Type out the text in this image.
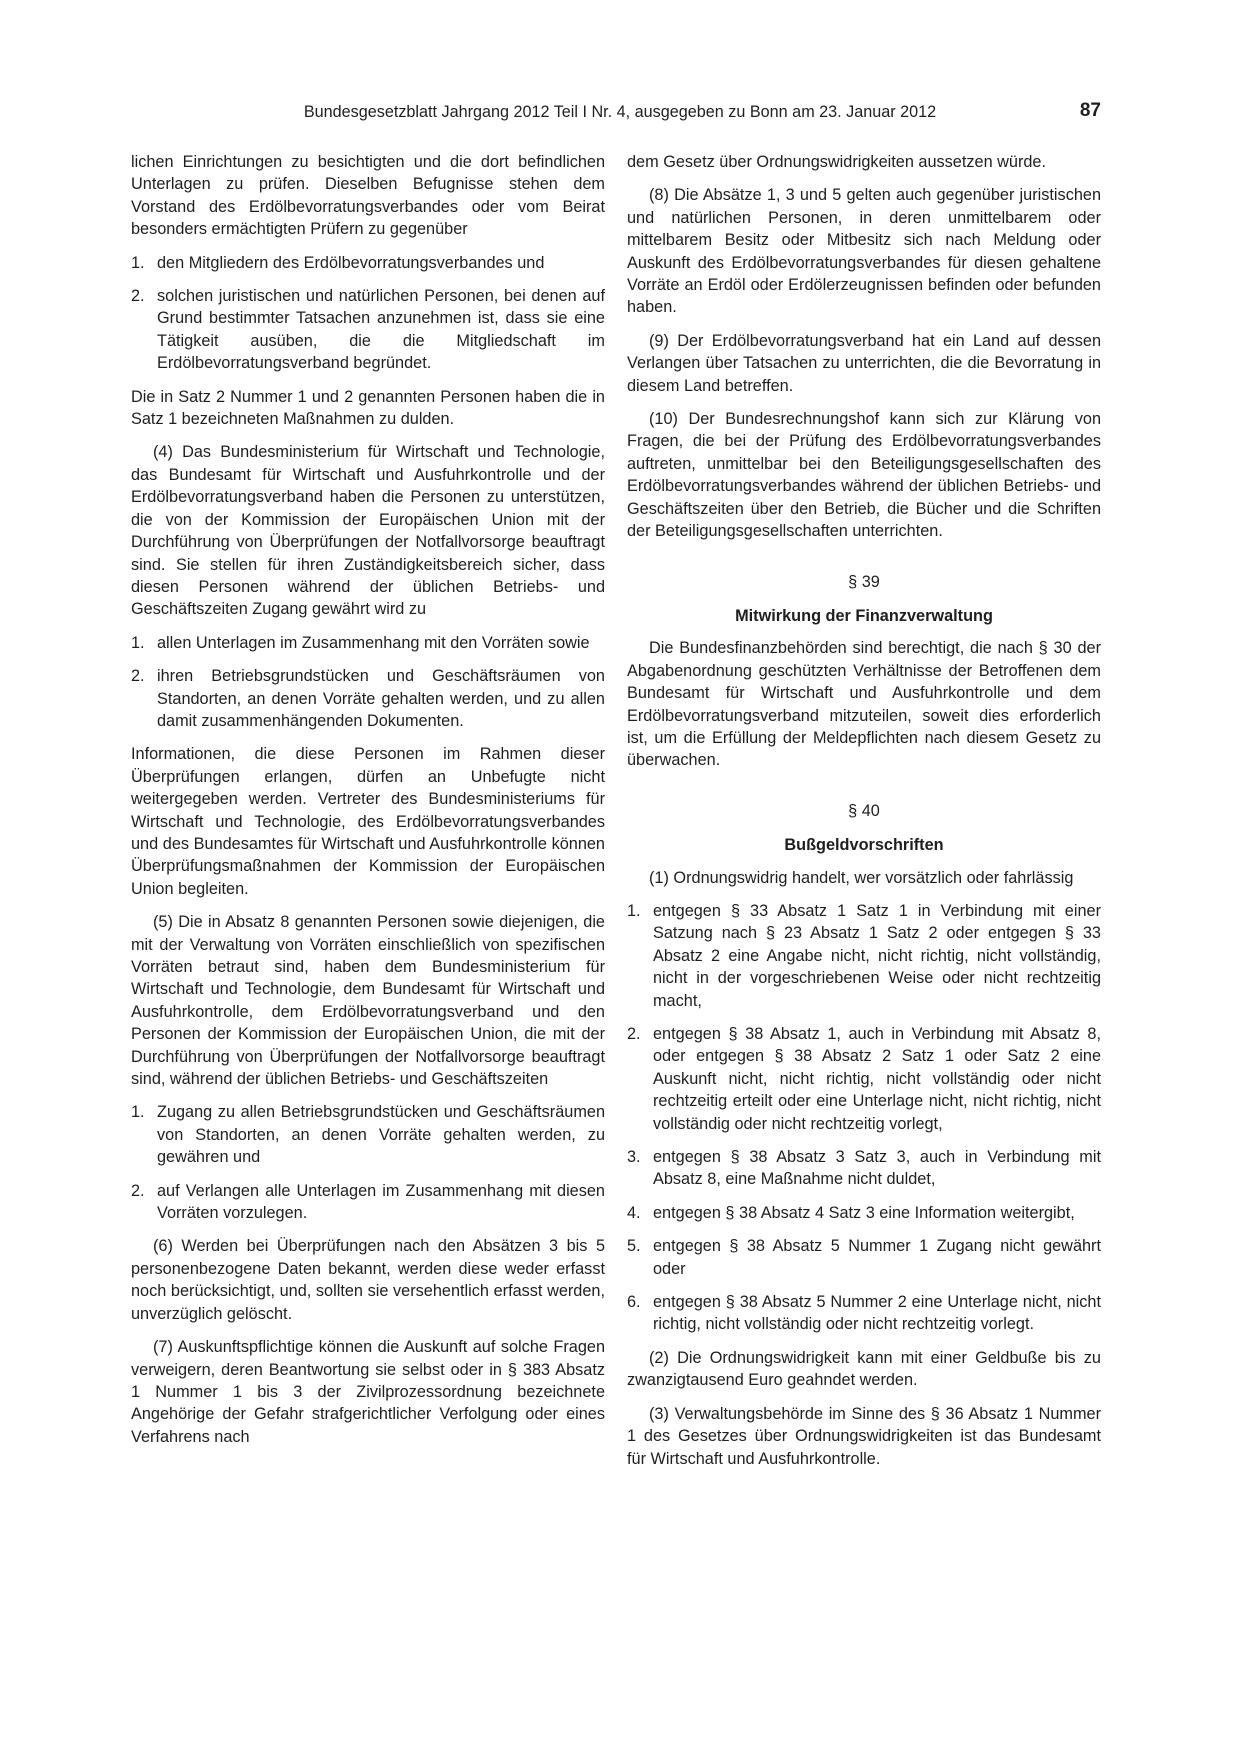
Bundesgesetzblatt Jahrgang 2012 Teil I Nr. 4, ausgegeben zu Bonn am 23. Januar 2012	87

lichen Einrichtungen zu besichtigten und die dort befindlichen Unterlagen zu prüfen. Dieselben Befugnisse stehen dem Vorstand des Erdölbevorratungsverbandes oder vom Beirat besonders ermächtigten Prüfern zu gegenüber

1. den Mitgliedern des Erdölbevorratungsverbandes und
2. solchen juristischen und natürlichen Personen, bei denen auf Grund bestimmter Tatsachen anzunehmen ist, dass sie eine Tätigkeit ausüben, die die Mitgliedschaft im Erdölbevorratungsverband begründet.

Die in Satz 2 Nummer 1 und 2 genannten Personen haben die in Satz 1 bezeichneten Maßnahmen zu dulden.

(4) Das Bundesministerium für Wirtschaft und Technologie, das Bundesamt für Wirtschaft und Ausfuhrkontrolle und der Erdölbevorratungsverband haben die Personen zu unterstützen, die von der Kommission der Europäischen Union mit der Durchführung von Überprüfungen der Notfallvorsorge beauftragt sind. Sie stellen für ihren Zuständigkeitsbereich sicher, dass diesen Personen während der üblichen Betriebs- und Geschäftszeiten Zugang gewährt wird zu

1. allen Unterlagen im Zusammenhang mit den Vorräten sowie
2. ihren Betriebsgrundstücken und Geschäftsräumen von Standorten, an denen Vorräte gehalten werden, und zu allen damit zusammenhängenden Dokumenten.

Informationen, die diese Personen im Rahmen dieser Überprüfungen erlangen, dürfen an Unbefugte nicht weitergegeben werden. Vertreter des Bundesministeriums für Wirtschaft und Technologie, des Erdölbevorratungsverbandes und des Bundesamtes für Wirtschaft und Ausfuhrkontrolle können Überprüfungsmaßnahmen der Kommission der Europäischen Union begleiten.

(5) Die in Absatz 8 genannten Personen sowie diejenigen, die mit der Verwaltung von Vorräten einschließlich von spezifischen Vorräten betraut sind, haben dem Bundesministerium für Wirtschaft und Technologie, dem Bundesamt für Wirtschaft und Ausfuhrkontrolle, dem Erdölbevorratungsverband und den Personen der Kommission der Europäischen Union, die mit der Durchführung von Überprüfungen der Notfallvorsorge beauftragt sind, während der üblichen Betriebs- und Geschäftszeiten

1. Zugang zu allen Betriebsgrundstücken und Geschäftsräumen von Standorten, an denen Vorräte gehalten werden, zu gewähren und
2. auf Verlangen alle Unterlagen im Zusammenhang mit diesen Vorräten vorzulegen.

(6) Werden bei Überprüfungen nach den Absätzen 3 bis 5 personenbezogene Daten bekannt, werden diese weder erfasst noch berücksichtigt, und, sollten sie versehentlich erfasst werden, unverzüglich gelöscht.

(7) Auskunftspflichtige können die Auskunft auf solche Fragen verweigern, deren Beantwortung sie selbst oder in § 383 Absatz 1 Nummer 1 bis 3 der Zivilprozessordnung bezeichnete Angehörige der Gefahr strafgerichtlicher Verfolgung oder eines Verfahrens nach

dem Gesetz über Ordnungswidrigkeiten aussetzen würde.

(8) Die Absätze 1, 3 und 5 gelten auch gegenüber juristischen und natürlichen Personen, in deren unmittelbarem oder mittelbarem Besitz oder Mitbesitz sich nach Meldung oder Auskunft des Erdölbevorratungsverbandes für diesen gehaltene Vorräte an Erdöl oder Erdölerzeugnissen befinden oder befunden haben.

(9) Der Erdölbevorratungsverband hat ein Land auf dessen Verlangen über Tatsachen zu unterrichten, die die Bevorratung in diesem Land betreffen.

(10) Der Bundesrechnungshof kann sich zur Klärung von Fragen, die bei der Prüfung des Erdölbevorratungsverbandes auftreten, unmittelbar bei den Beteiligungsgesellschaften des Erdölbevorratungsverbandes während der üblichen Betriebs- und Geschäftszeiten über den Betrieb, die Bücher und die Schriften der Beteiligungsgesellschaften unterrichten.

§ 39
Mitwirkung der Finanzverwaltung

Die Bundesfinanzbehörden sind berechtigt, die nach § 30 der Abgabenordnung geschützten Verhältnisse der Betroffenen dem Bundesamt für Wirtschaft und Ausfuhrkontrolle und dem Erdölbevorratungsverband mitzuteilen, soweit dies erforderlich ist, um die Erfüllung der Meldepflichten nach diesem Gesetz zu überwachen.

§ 40
Bußgeldvorschriften

(1) Ordnungswidrig handelt, wer vorsätzlich oder fahrlässig

1. entgegen § 33 Absatz 1 Satz 1 in Verbindung mit einer Satzung nach § 23 Absatz 1 Satz 2 oder entgegen § 33 Absatz 2 eine Angabe nicht, nicht richtig, nicht vollständig, nicht in der vorgeschriebenen Weise oder nicht rechtzeitig macht,
2. entgegen § 38 Absatz 1, auch in Verbindung mit Absatz 8, oder entgegen § 38 Absatz 2 Satz 1 oder Satz 2 eine Auskunft nicht, nicht richtig, nicht vollständig oder nicht rechtzeitig erteilt oder eine Unterlage nicht, nicht richtig, nicht vollständig oder nicht rechtzeitig vorlegt,
3. entgegen § 38 Absatz 3 Satz 3, auch in Verbindung mit Absatz 8, eine Maßnahme nicht duldet,
4. entgegen § 38 Absatz 4 Satz 3 eine Information weitergibt,
5. entgegen § 38 Absatz 5 Nummer 1 Zugang nicht gewährt oder
6. entgegen § 38 Absatz 5 Nummer 2 eine Unterlage nicht, nicht richtig, nicht vollständig oder nicht rechtzeitig vorlegt.

(2) Die Ordnungswidrigkeit kann mit einer Geldbuße bis zu zwanzigtausend Euro geahndet werden.

(3) Verwaltungsbehörde im Sinne des § 36 Absatz 1 Nummer 1 des Gesetzes über Ordnungswidrigkeiten ist das Bundesamt für Wirtschaft und Ausfuhrkontrolle.
